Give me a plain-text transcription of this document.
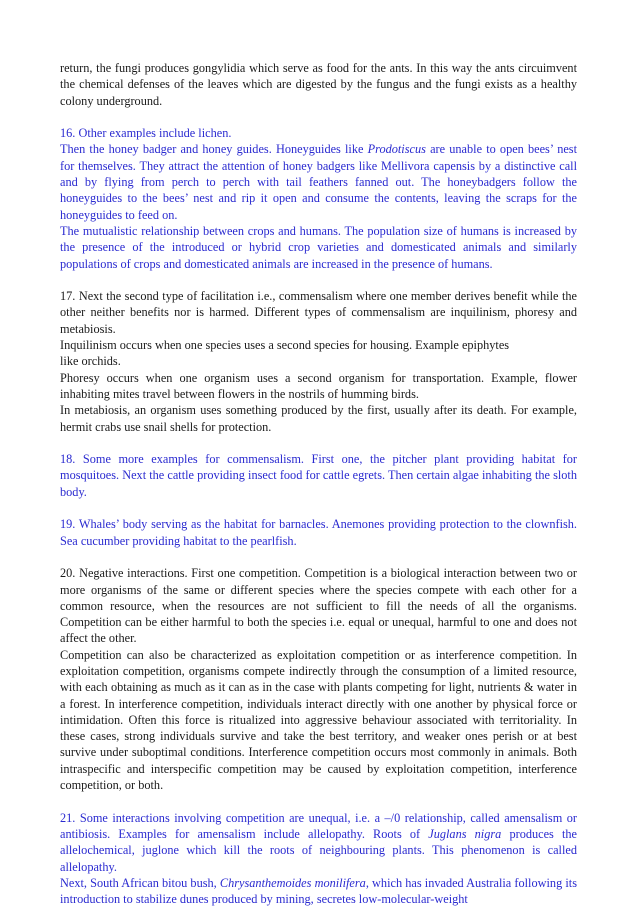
return, the fungi produces gongylidia which serve as food for the ants. In this way the ants circuimvent the chemical defenses of the leaves which are digested by the fungus and the fungi exists as a healthy colony underground.

16. Other examples include lichen.
Then the honey badger and honey guides. Honeyguides like Prodotiscus are unable to open bees’ nest for themselves. They attract the attention of honey badgers like Mellivora capensis by a distinctive call and by flying from perch to perch with tail feathers fanned out. The honeybadgers follow the honeyguides to the bees’ nest and rip it open and consume the contents, leaving the scraps for the honeyguides to feed on.
The mutualistic relationship between crops and humans. The population size of humans is increased by the presence of the introduced or hybrid crop varieties and domesticated animals and similarly populations of crops and domesticated animals are increased in the presence of humans.

17. Next the second type of facilitation i.e., commensalism where one member derives benefit while the other neither benefits nor is harmed. Different types of commensalism are inquilinism, phoresy and metabiosis.
Inquilinism occurs when one species uses a second species for housing. Example epiphytes
like orchids.
Phoresy occurs when one organism uses a second organism for transportation. Example, flower inhabiting mites travel between flowers in the nostrils of humming birds.
In metabiosis, an organism uses something produced by the first, usually after its death. For example, hermit crabs use snail shells for protection.

18. Some more examples for commensalism. First one, the pitcher plant providing habitat for mosquitoes. Next the cattle providing insect food for cattle egrets. Then certain algae inhabiting the sloth body.

19. Whales’ body serving as the habitat for barnacles. Anemones providing protection to the clownfish. Sea cucumber providing habitat to the pearlfish.

20. Negative interactions. First one competition. Competition is a biological interaction between two or more organisms of the same or different species where the species compete with each other for a common resource, when the resources are not sufficient to fill the needs of all the organisms. Competition can be either harmful to both the species i.e. equal or unequal, harmful to one and does not affect the other.
Competition can also be characterized as exploitation competition or as interference competition. In exploitation competition, organisms compete indirectly through the consumption of a limited resource, with each obtaining as much as it can as in the case with plants competing for light, nutrients & water in a forest. In interference competition, individuals interact directly with one another by physical force or intimidation. Often this force is ritualized into aggressive behaviour associated with territoriality. In these cases, strong individuals survive and take the best territory, and weaker ones perish or at best survive under suboptimal conditions. Interference competition occurs most commonly in animals. Both intraspecific and interspecific competition may be caused by exploitation competition, interference competition, or both.

21. Some interactions involving competition are unequal, i.e. a –/0 relationship, called amensalism or antibiosis. Examples for amensalism include allelopathy. Roots of Juglans nigra produces the allelochemical, juglone which kill the roots of neighbouring plants. This phenomenon is called allelopathy.
Next, South African bitou bush, Chrysanthemoides monilifera, which has invaded Australia following its introduction to stabilize dunes produced by mining, secretes low-molecular-weight
